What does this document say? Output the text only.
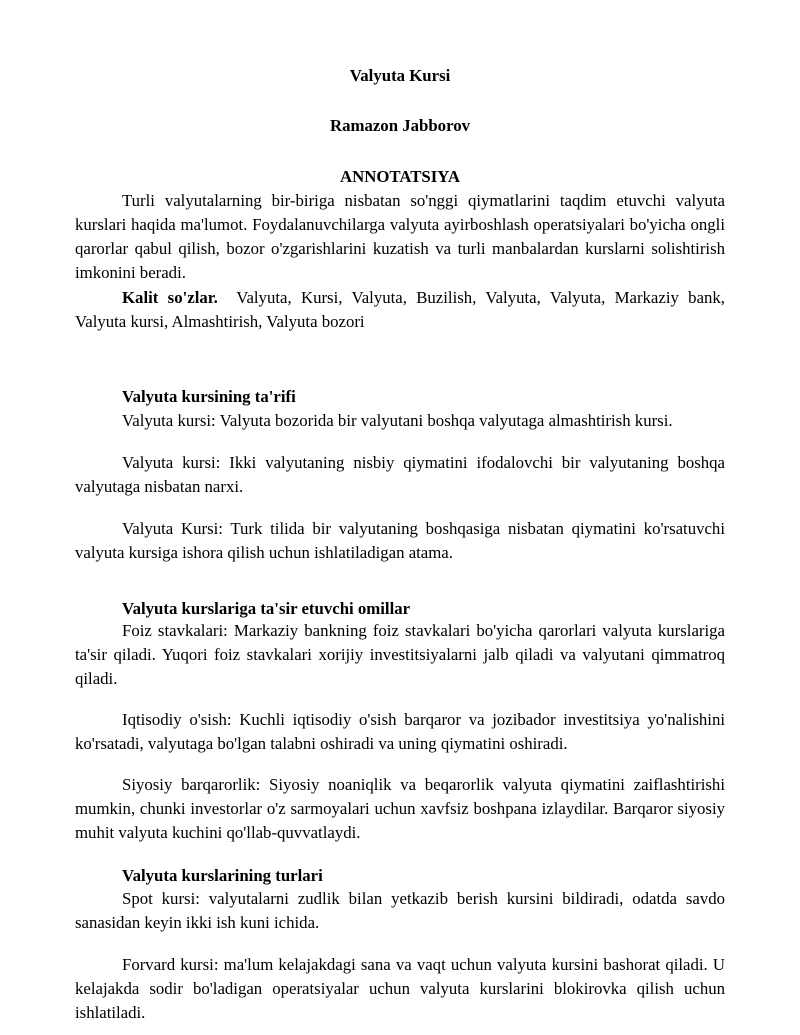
Valyuta Kursi
Ramazon Jabborov
ANNOTATSIYA

Turli valyutalarning bir-biriga nisbatan so'nggi qiymatlarini taqdim etuvchi valyuta kurslari haqida ma'lumot. Foydalanuvchilarga valyuta ayirboshlash operatsiyalari bo'yicha ongli qarorlar qabul qilish, bozor o'zgarishlarini kuzatish va turli manbalardan kurslarni solishtirish imkonini beradi.

Kalit so'zlar. Valyuta, Kursi, Valyuta, Buzilish, Valyuta, Valyuta, Markaziy bank, Valyuta kursi, Almashtirish, Valyuta bozori

Valyuta kursining ta'rifi

Valyuta kursi: Valyuta bozorida bir valyutani boshqa valyutaga almashtirish kursi.

Valyuta kursi: Ikki valyutaning nisbiy qiymatini ifodalovchi bir valyutaning boshqa valyutaga nisbatan narxi.

Valyuta Kursi: Turk tilida bir valyutaning boshqasiga nisbatan qiymatini ko'rsatuvchi valyuta kursiga ishora qilish uchun ishlatiladigan atama.

Valyuta kurslariga ta'sir etuvchi omillar

Foiz stavkalari: Markaziy bankning foiz stavkalari bo'yicha qarorlari valyuta kurslariga ta'sir qiladi. Yuqori foiz stavkalari xorijiy investitsiyalarni jalb qiladi va valyutani qimmatroq qiladi.

Iqtisodiy o'sish: Kuchli iqtisodiy o'sish barqaror va jozibador investitsiya yo'nalishini ko'rsatadi, valyutaga bo'lgan talabni oshiradi va uning qiymatini oshiradi.

Siyosiy barqarorlik: Siyosiy noaniqlik va beqarorlik valyuta qiymatini zaiflashtirishi mumkin, chunki investorlar o'z sarmoyalari uchun xavfsiz boshpana izlaydilar. Barqaror siyosiy muhit valyuta kuchini qo'llab-quvvatlaydi.

Valyuta kurslarining turlari

Spot kursi: valyutalarni zudlik bilan yetkazib berish kursini bildiradi, odatda savdo sanasidan keyin ikki ish kuni ichida.

Forvard kursi: ma'lum kelajakdagi sana va vaqt uchun valyuta kursini bashorat qiladi. U kelajakda sodir bo'ladigan operatsiyalar uchun valyuta kurslarini blokirovka qilish uchun ishlatiladi.
